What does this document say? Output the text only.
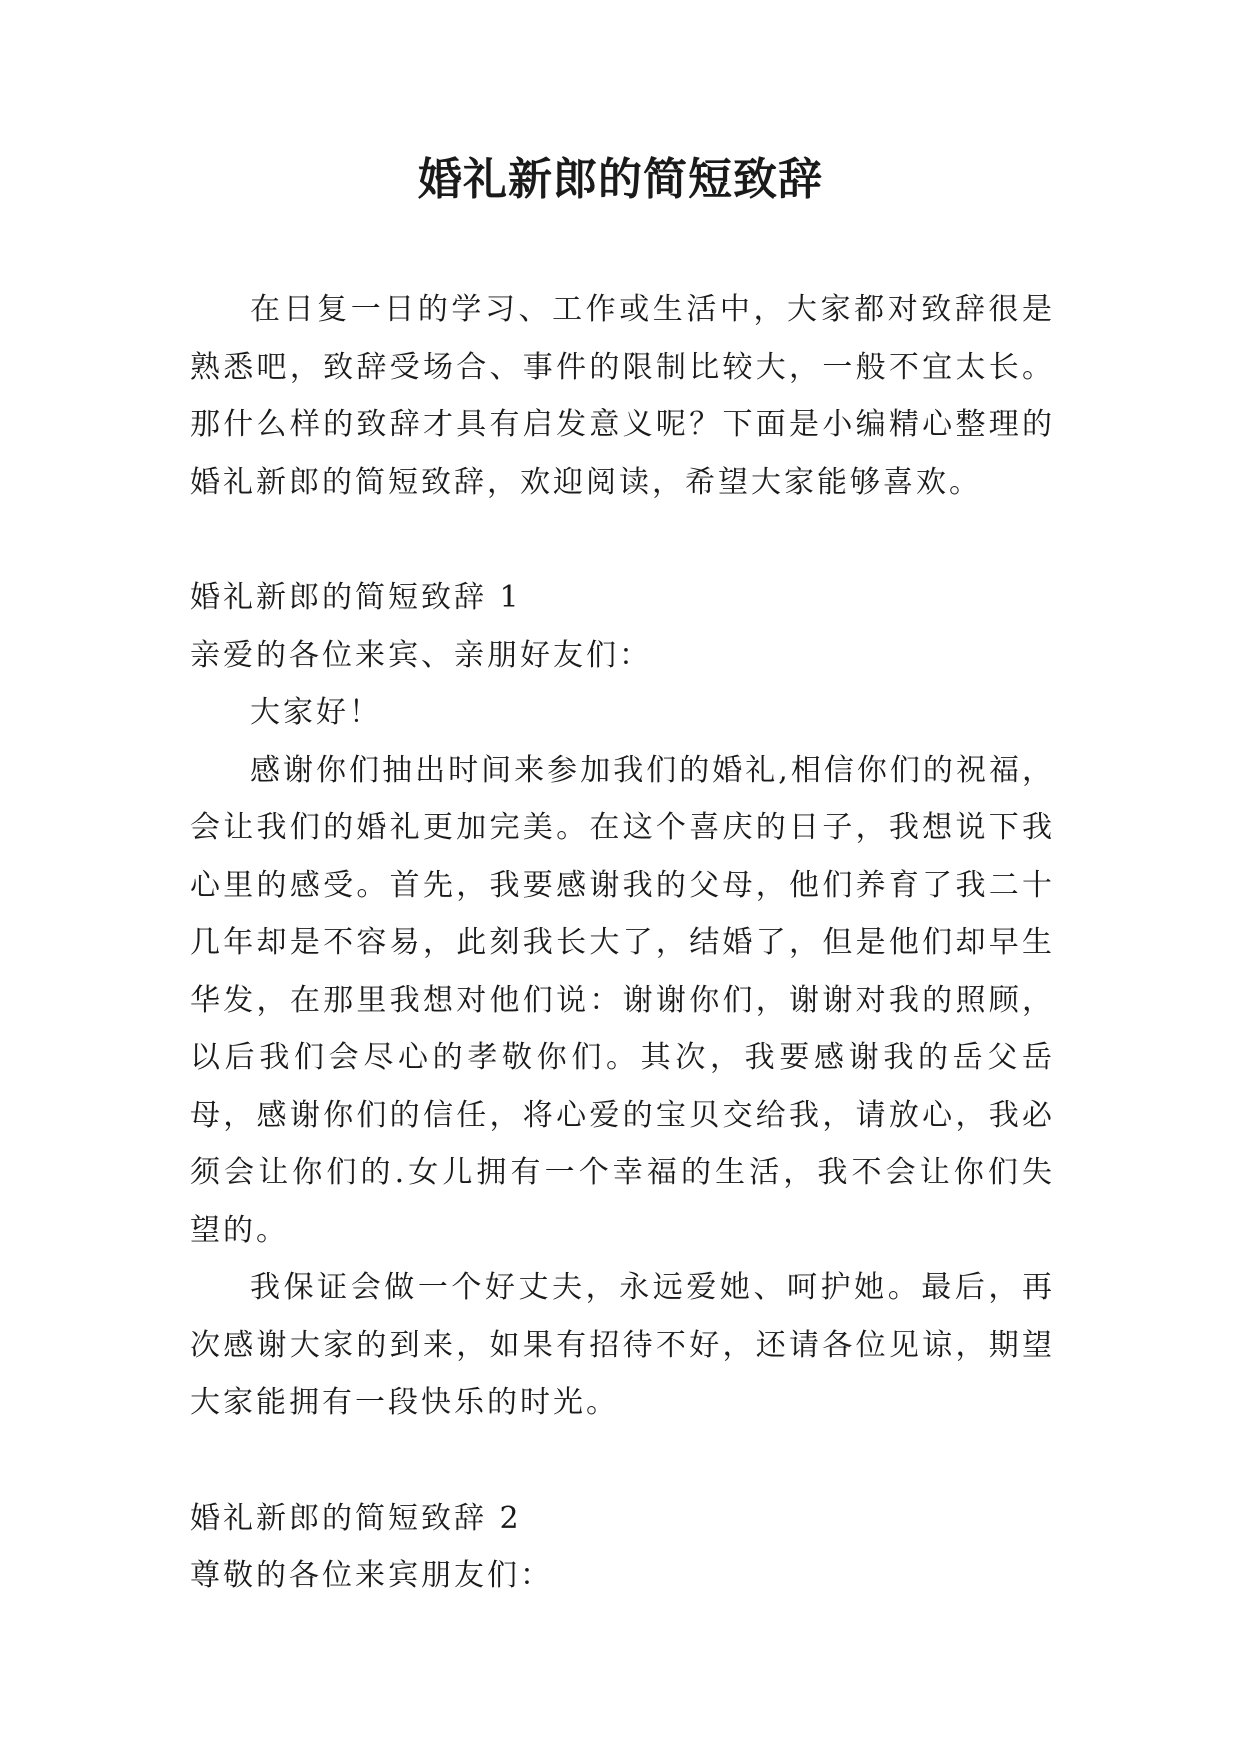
婚礼新郎的简短致辞

在日复一日的学习、工作或生活中，大家都对致辞很是熟悉吧，致辞受场合、事件的限制比较大，一般不宜太长。那什么样的致辞才具有启发意义呢？下面是小编精心整理的婚礼新郎的简短致辞，欢迎阅读，希望大家能够喜欢。

婚礼新郎的简短致辞 1

亲爱的各位来宾、亲朋好友们：

大家好！

感谢你们抽出时间来参加我们的婚礼,相信你们的祝福，会让我们的婚礼更加完美。在这个喜庆的日子，我想说下我心里的感受。首先，我要感谢我的父母，他们养育了我二十几年却是不容易，此刻我长大了，结婚了，但是他们却早生华发，在那里我想对他们说：谢谢你们，谢谢对我的照顾，以后我们会尽心的孝敬你们。其次，我要感谢我的岳父岳母，感谢你们的信任，将心爱的宝贝交给我，请放心，我必须会让你们的.女儿拥有一个幸福的生活，我不会让你们失望的。

我保证会做一个好丈夫，永远爱她、呵护她。最后，再次感谢大家的到来，如果有招待不好，还请各位见谅，期望大家能拥有一段快乐的时光。

婚礼新郎的简短致辞 2

尊敬的各位来宾朋友们：
